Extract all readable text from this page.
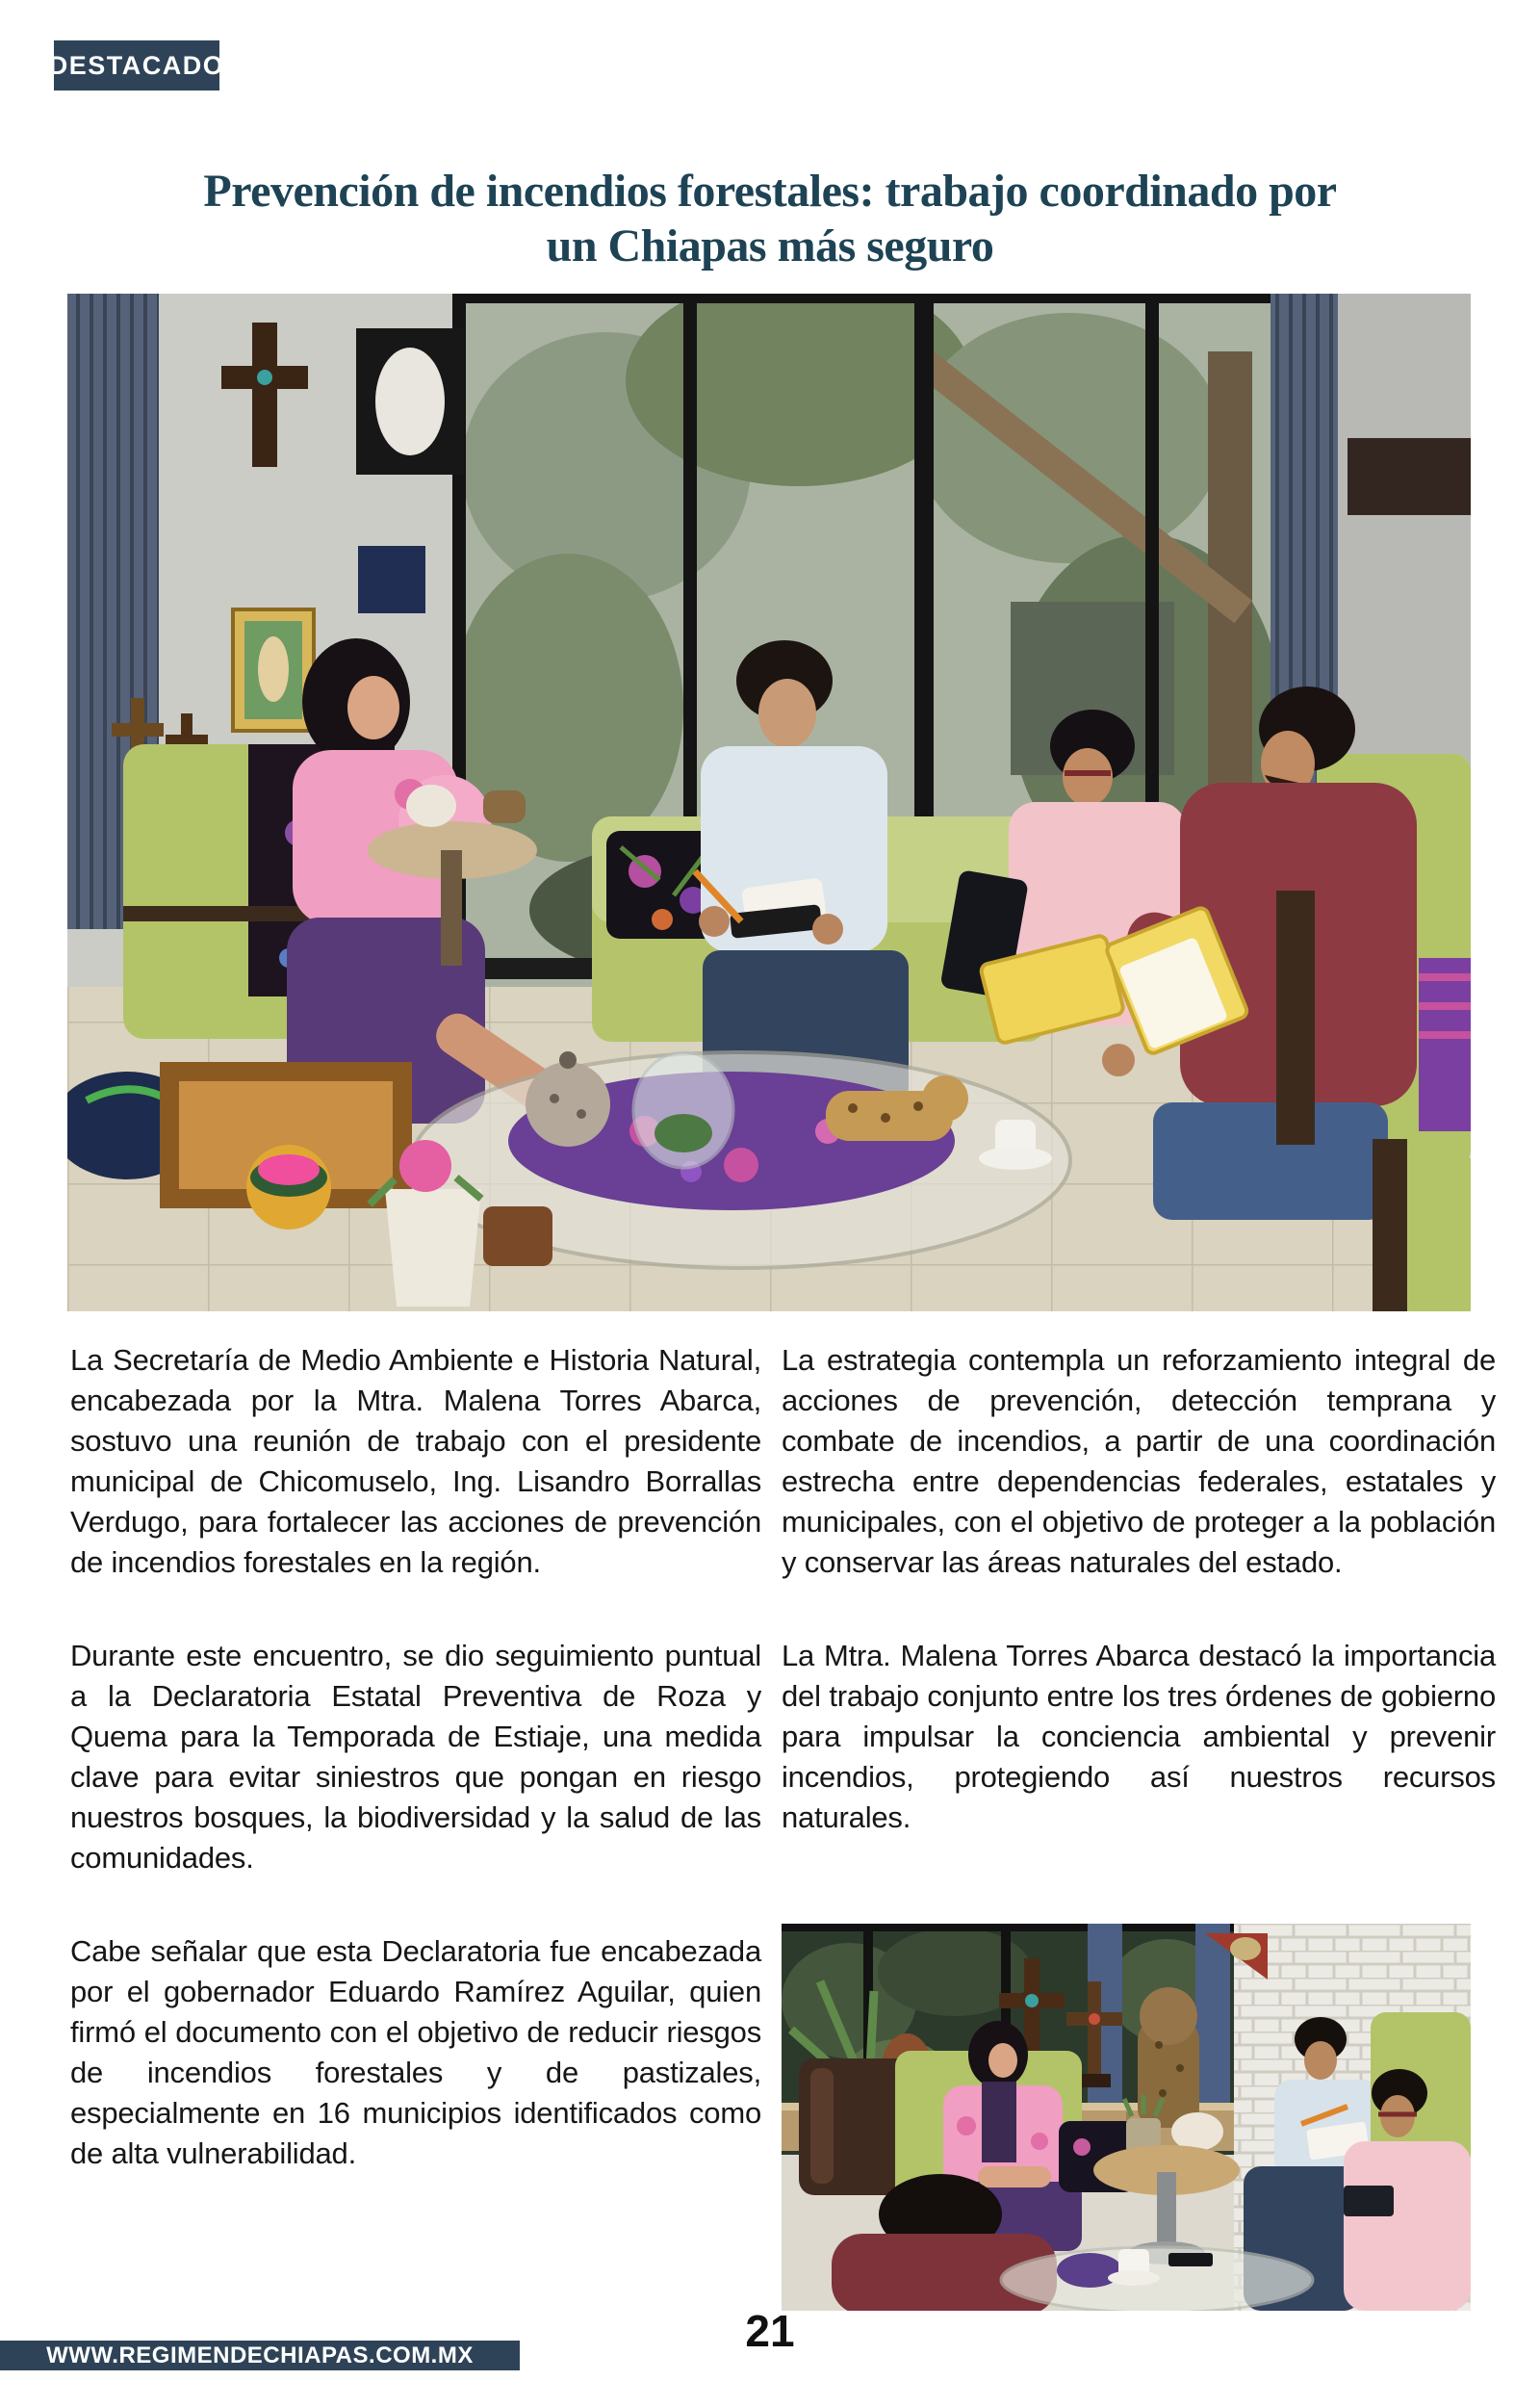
DESTACADO
Prevención de incendios forestales: trabajo coordinado por
un Chiapas más seguro

La Secretaría de Medio Ambiente e Historia Natural, encabezada por la Mtra. Malena Torres Abarca, sostuvo una reunión de trabajo con el presidente municipal de Chicomuselo, Ing. Lisandro Borrallas Verdugo, para fortalecer las acciones de prevención de incendios forestales en la región.

Durante este encuentro, se dio seguimiento puntual a la Declaratoria Estatal Preventiva de Roza y Quema para la Temporada de Estiaje, una medida clave para evitar siniestros que pongan en riesgo nuestros bosques, la biodiversidad y la salud de las comunidades.

Cabe señalar que esta Declaratoria fue encabezada por el gobernador Eduardo Ramírez Aguilar, quien firmó el documento con el objetivo de reducir riesgos de incendios forestales y de pastizales, especialmente en 16 municipios identificados como de alta vulnerabilidad.

La estrategia contempla un reforzamiento integral de acciones de prevención, detección temprana y combate de incendios, a partir de una coordinación estrecha entre dependencias federales, estatales y municipales, con el objetivo de proteger a la población y conservar las áreas naturales del estado.

La Mtra. Malena Torres Abarca destacó la importancia del trabajo conjunto entre los tres órdenes de gobierno para impulsar la conciencia ambiental y prevenir incendios, protegiendo así nuestros recursos naturales.

WWW.REGIMENDECHIAPAS.COM.MX	21
